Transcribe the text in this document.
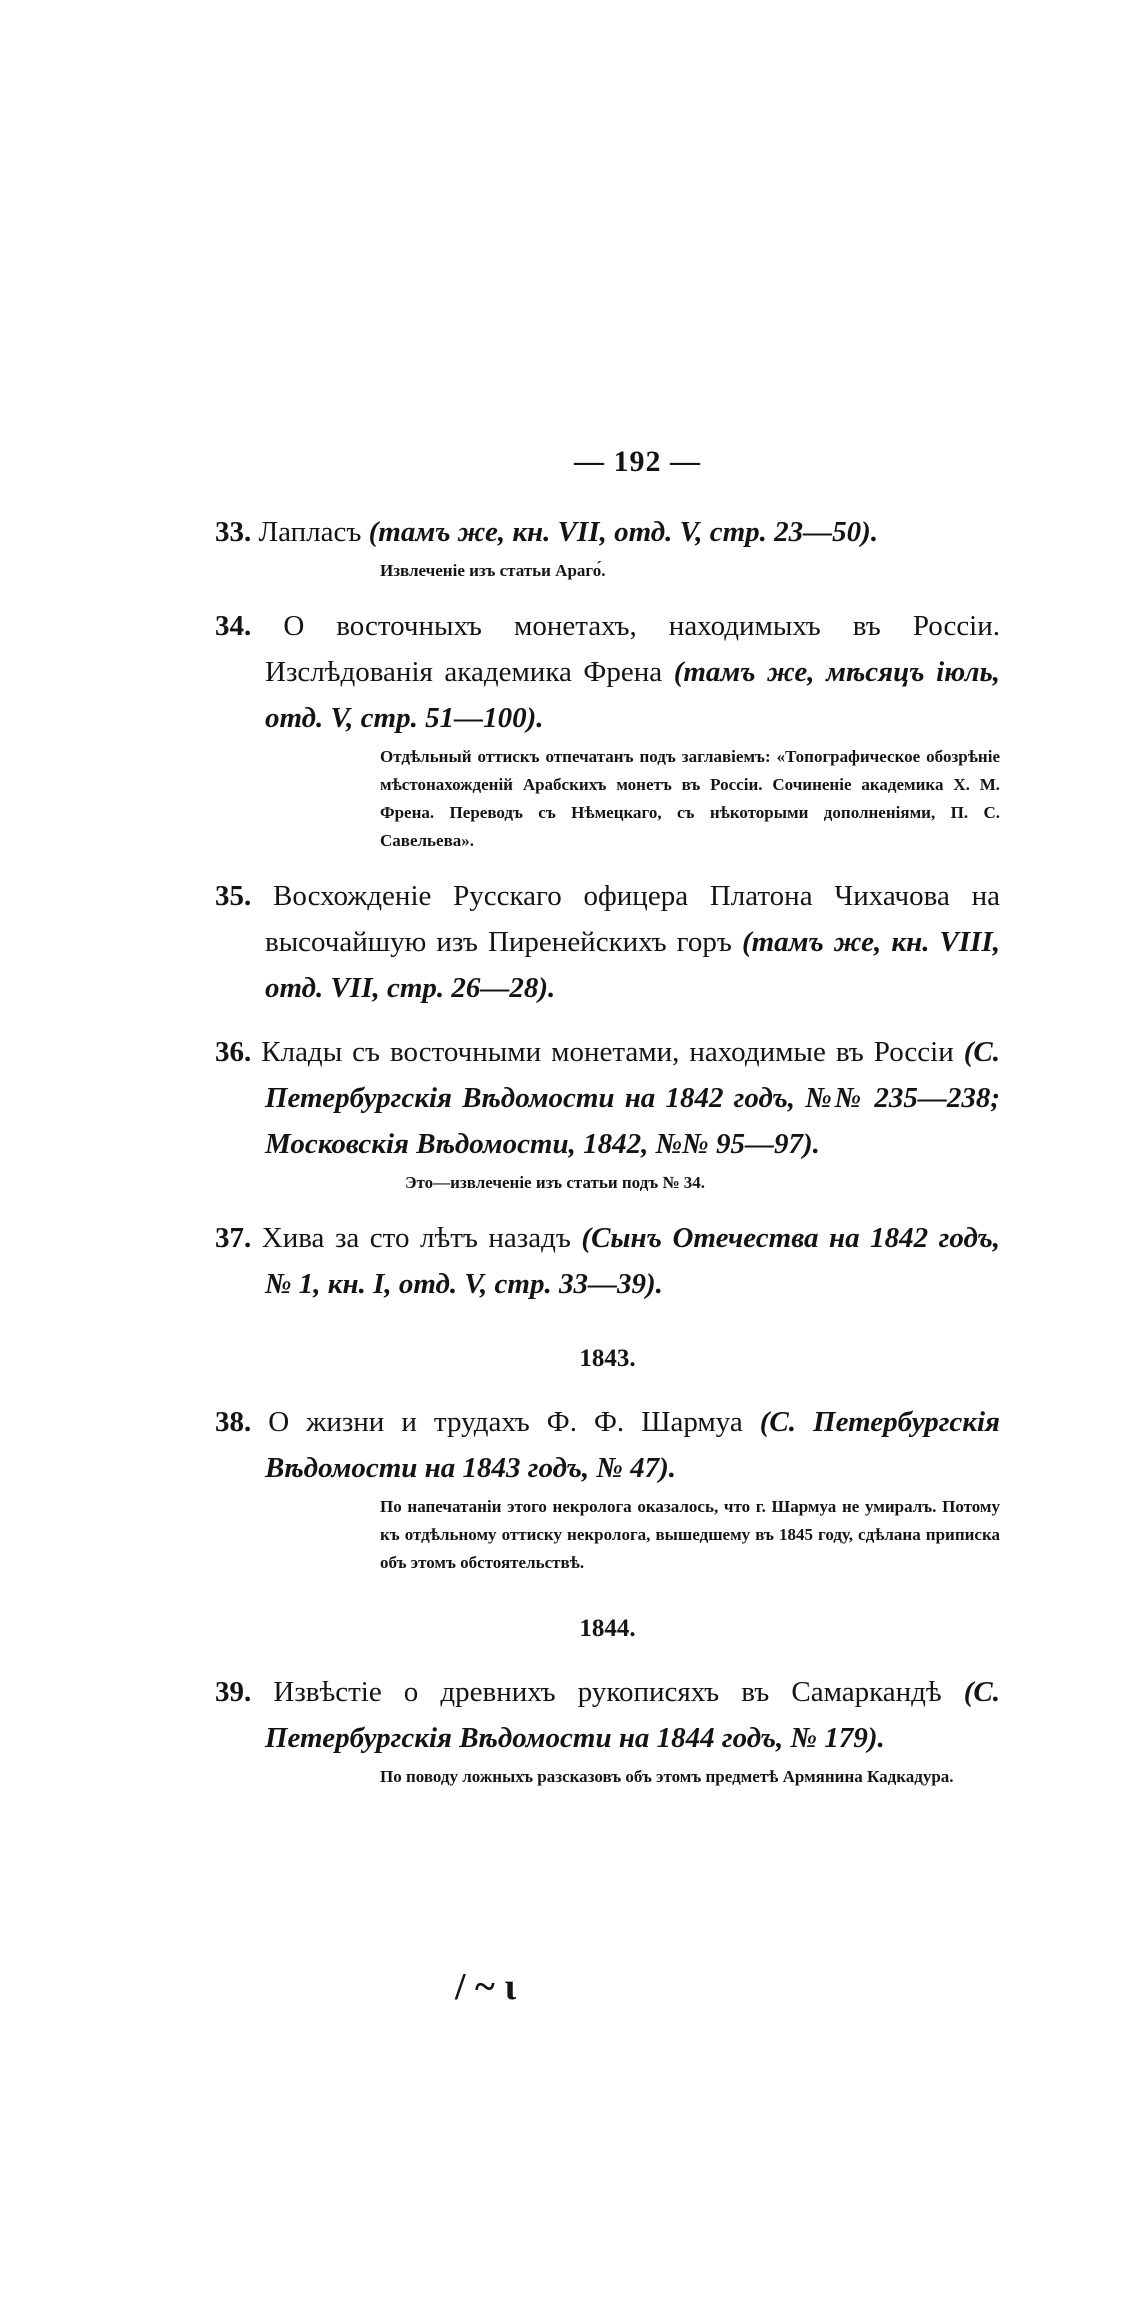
— 192 —
33. Лапласъ (тамъ же, кн. VII, отд. V, стр. 23—50).
Извлеченіе изъ статьи Араго́.
34. О восточныхъ монетахъ, находимыхъ въ Россіи. Изслѣдованія академика Френа (тамъ же, мѣсяцъ іюль, отд. V, стр. 51—100).
Отдѣльный оттискъ отпечатанъ подъ заглавіемъ: «Топографическое обозрѣніе мѣстонахожденій Арабскихъ монетъ въ Россіи. Сочиненіе академика Х. М. Френа. Переводъ съ Нѣмецкаго, съ нѣкоторыми дополненіями, П. С. Савельева».
35. Восхожденіе Русскаго офицера Платона Чихачова на высочайшую изъ Пиренейскихъ горъ (тамъ же, кн. VIII, отд. VII, стр. 26—28).
36. Клады съ восточными монетами, находимые въ Россіи (С. Петербургскія Вѣдомости на 1842 годъ, №№ 235—238; Московскія Вѣдомости, 1842, №№ 95—97).
Это—извлеченіе изъ статьи подъ № 34.
37. Хива за сто лѣтъ назадъ (Сынъ Отечества на 1842 годъ, № 1, кн. I, отд. V, стр. 33—39).
1843.
38. О жизни и трудахъ Ф. Ф. Шармуа (С. Петербургскія Вѣдомости на 1843 годъ, № 47).
По напечатаніи этого некролога оказалось, что г. Шармуа не умиралъ. Потому къ отдѣльному оттиску некролога, вышедшему въ 1845 году, сдѣлана приписка объ этомъ обстоятельствѣ.
1844.
39. Извѣстіе о древнихъ рукописяхъ въ Самаркандѣ (С. Петербургскія Вѣдомости на 1844 годъ, № 179).
По поводу ложныхъ разсказовъ объ этомъ предметѣ Армянина Кадкадура.
/ ~ ι
